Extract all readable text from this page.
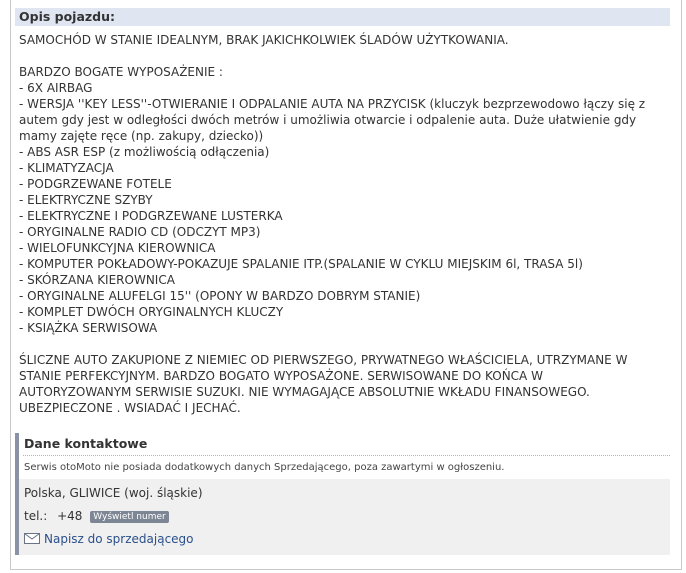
Opis pojazdu:
SAMOCHÓD W STANIE IDEALNYM, BRAK JAKICHKOLWIEK ŚLADÓW UŻYTKOWANIA.
BARDZO BOGATE WYPOSAŻENIE :
- 6X AIRBAG
- WERSJA ''KEY LESS''-OTWIERANIE I ODPALANIE AUTA NA PRZYCISK (kluczyk bezprzewodowo łączy się z
autem gdy jest w odległości dwóch metrów i umożliwia otwarcie i odpalenie auta. Duże ułatwienie gdy
mamy zajęte ręce (np. zakupy, dziecko))
- ABS ASR ESP (z możliwością odłączenia)
- KLIMATYZACJA
- PODGRZEWANE FOTELE
- ELEKTRYCZNE SZYBY
- ELEKTRYCZNE I PODGRZEWANE LUSTERKA
- ORYGINALNE RADIO CD (ODCZYT MP3)
- WIELOFUNKCYJNA KIEROWNICA
- KOMPUTER POKŁADOWY-POKAZUJE SPALANIE ITP.(SPALANIE W CYKLU MIEJSKIM 6l, TRASA 5l)
- SKÓRZANA KIEROWNICA
- ORYGINALNE ALUFELGI 15'' (OPONY W BARDZO DOBRYM STANIE)
- KOMPLET DWÓCH ORYGINALNYCH KLUCZY
- KSIĄŻKA SERWISOWA
ŚLICZNE AUTO ZAKUPIONE Z NIEMIEC OD PIERWSZEGO, PRYWATNEGO WŁAŚCICIELA, UTRZYMANE W
STANIE PERFEKCYJNYM. BARDZO BOGATO WYPOSAŻONE. SERWISOWANE DO KOŃCA W
AUTORYZOWANYM SERWISIE SUZUKI. NIE WYMAGAJĄCE ABSOLUTNIE WKŁADU FINANSOWEGO.
UBEZPIECZONE . WSIADAĆ I JECHAĆ.
Dane kontaktowe
Serwis otoMoto nie posiada dodatkowych danych Sprzedającego, poza zawartymi w ogłoszeniu.
Polska, GLIWICE (woj. śląskie)
tel.: +48 Wyświetl numer
Napisz do sprzedającego
